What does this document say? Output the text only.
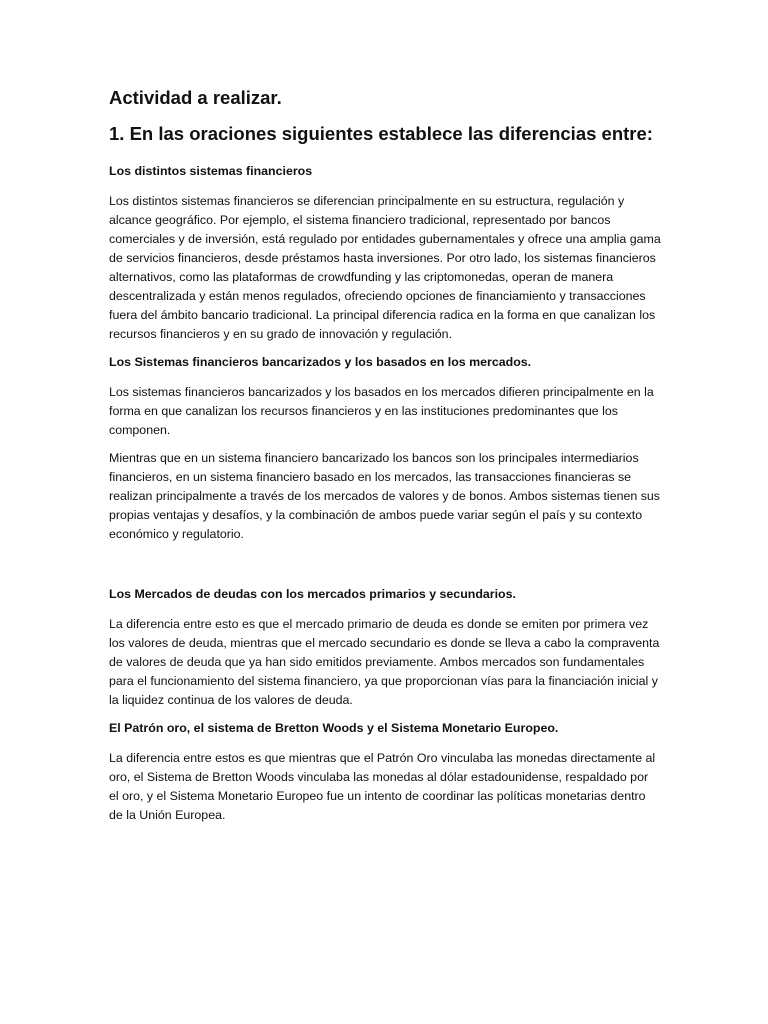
Actividad a realizar.
1. En las oraciones siguientes establece las diferencias entre:
Los distintos sistemas financieros
Los distintos sistemas financieros se diferencian principalmente en su estructura, regulación y alcance geográfico. Por ejemplo, el sistema financiero tradicional, representado por bancos comerciales y de inversión, está regulado por entidades gubernamentales y ofrece una amplia gama de servicios financieros, desde préstamos hasta inversiones. Por otro lado, los sistemas financieros alternativos, como las plataformas de crowdfunding y las criptomonedas, operan de manera descentralizada y están menos regulados, ofreciendo opciones de financiamiento y transacciones fuera del ámbito bancario tradicional. La principal diferencia radica en la forma en que canalizan los recursos financieros y en su grado de innovación y regulación.
Los Sistemas financieros bancarizados y los basados en los mercados.
Los sistemas financieros bancarizados y los basados en los mercados difieren principalmente en la forma en que canalizan los recursos financieros y en las instituciones predominantes que los componen.
Mientras que en un sistema financiero bancarizado los bancos son los principales intermediarios financieros, en un sistema financiero basado en los mercados, las transacciones financieras se realizan principalmente a través de los mercados de valores y de bonos. Ambos sistemas tienen sus propias ventajas y desafíos, y la combinación de ambos puede variar según el país y su contexto económico y regulatorio.
Los Mercados de deudas con los mercados primarios y secundarios.
La diferencia entre esto es que el mercado primario de deuda es donde se emiten por primera vez los valores de deuda, mientras que el mercado secundario es donde se lleva a cabo la compraventa de valores de deuda que ya han sido emitidos previamente. Ambos mercados son fundamentales para el funcionamiento del sistema financiero, ya que proporcionan vías para la financiación inicial y la liquidez continua de los valores de deuda.
El Patrón oro, el sistema de Bretton Woods y el Sistema Monetario Europeo.
La diferencia entre estos es que mientras que el Patrón Oro vinculaba las monedas directamente al oro, el Sistema de Bretton Woods vinculaba las monedas al dólar estadounidense, respaldado por el oro, y el Sistema Monetario Europeo fue un intento de coordinar las políticas monetarias dentro de la Unión Europea.
